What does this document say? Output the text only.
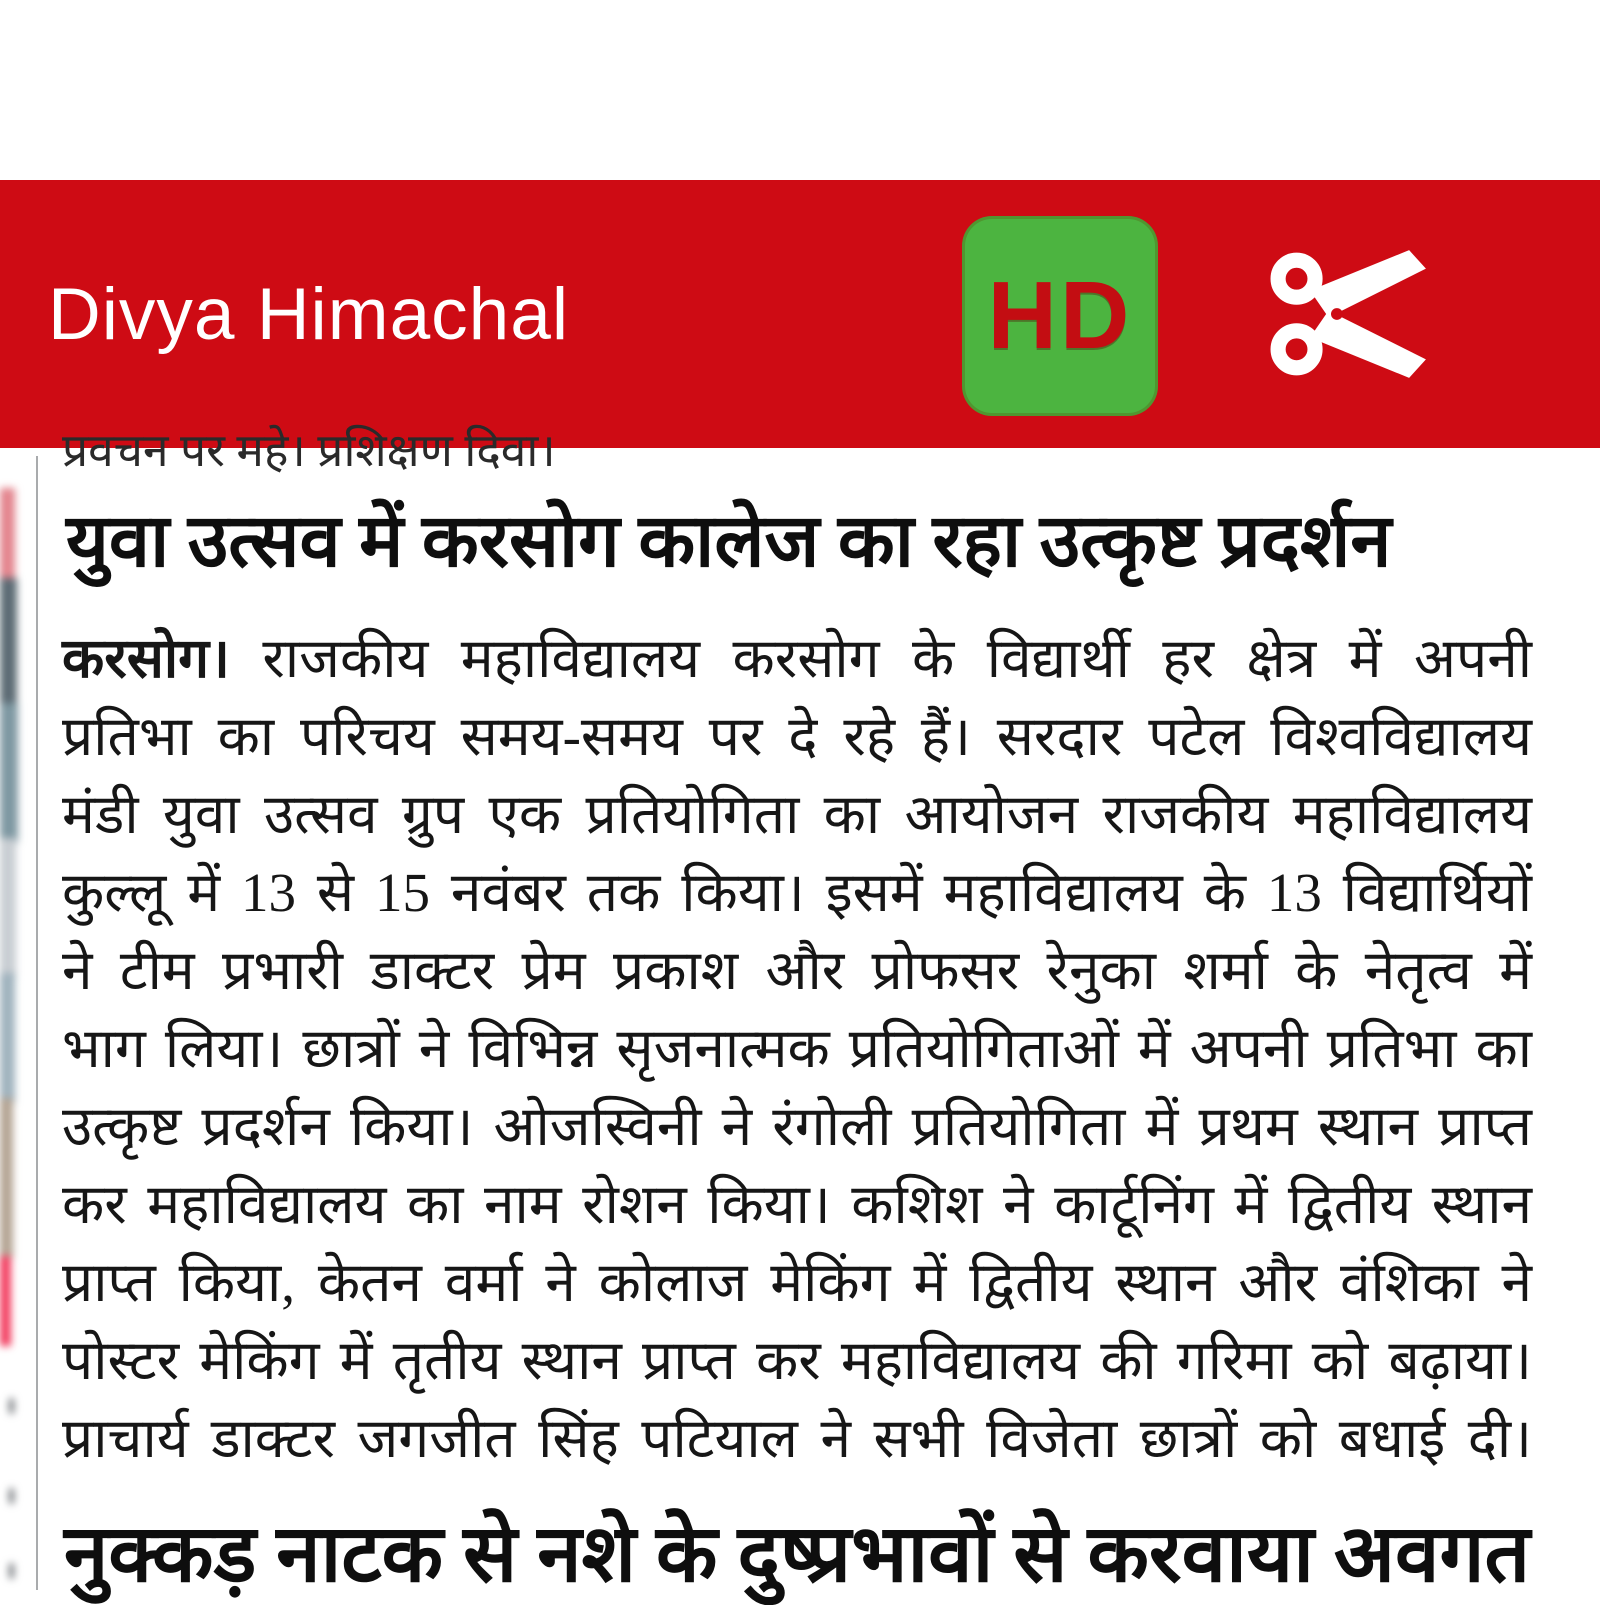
Divya Himachal	HD
प्रवचन पर महे। प्रशिक्षण दिवा।
युवा उत्सव में करसोग कालेज का रहा उत्कृष्ट प्रदर्शन
करसोग। राजकीय महाविद्यालय करसोग के विद्यार्थी हर क्षेत्र में अपनी
प्रतिभा का परिचय समय-समय पर दे रहे हैं। सरदार पटेल विश्वविद्यालय
मंडी युवा उत्सव ग्रुप एक प्रतियोगिता का आयोजन राजकीय महाविद्यालय
कुल्लू में 13 से 15 नवंबर तक किया। इसमें महाविद्यालय के 13 विद्यार्थियों
ने टीम प्रभारी डाक्टर प्रेम प्रकाश और प्रोफसर रेनुका शर्मा के नेतृत्व में
भाग लिया। छात्रों ने विभिन्न सृजनात्मक प्रतियोगिताओं में अपनी प्रतिभा का
उत्कृष्ट प्रदर्शन किया। ओजस्विनी ने रंगोली प्रतियोगिता में प्रथम स्थान प्राप्त
कर महाविद्यालय का नाम रोशन किया। कशिश ने कार्टूनिंग में द्वितीय स्थान
प्राप्त किया, केतन वर्मा ने कोलाज मेकिंग में द्वितीय स्थान और वंशिका ने
पोस्टर मेकिंग में तृतीय स्थान प्राप्त कर महाविद्यालय की गरिमा को बढ़ाया।
प्राचार्य डाक्टर जगजीत सिंह पटियाल ने सभी विजेता छात्रों को बधाई दी।
नुक्कड़ नाटक से नशे के दुष्प्रभावों से करवाया अवगत
